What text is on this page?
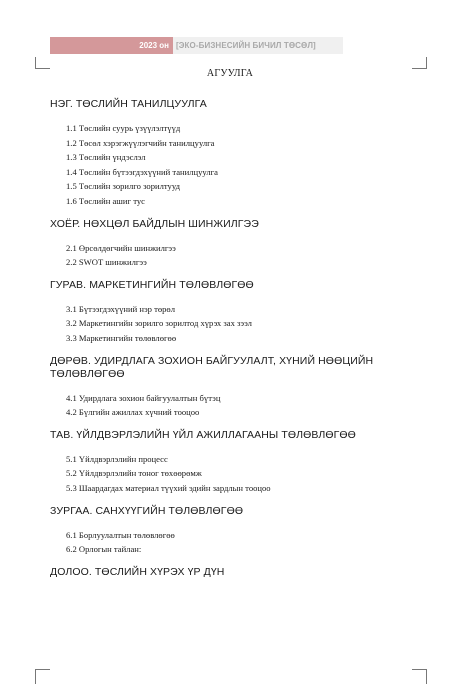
2023 он [ЭКО-БИЗНЕСИЙН БИЧИЛ ТӨСӨЛ]
АГУУЛГА
НЭГ. ТӨСЛИЙН ТАНИЛЦУУЛГА
1.1 Төслийн суурь үзүүлэлтүүд
1.2 Төсөл хэрэгжүүлэгчийн танилцуулга
1.3 Төслийн үндэслэл
1.4 Төслийн бүтээгдэхүүний танилцуулга
1.5 Төслийн зорилго зорилтууд
1.6 Төслийн ашиг тус
ХОЁР. НӨХЦӨЛ БАЙДЛЫН ШИНЖИЛГЭЭ
2.1 Өрсөлдөгчийн шинжилгээ
2.2 SWOT шинжилгээ
ГУРАВ. МАРКЕТИНГИЙН ТӨЛӨВЛӨГӨӨ
3.1 Бүтээгдэхүүний нэр төрөл
3.2 Маркетингийн зорилго зорилтод хүрэх зах зээл
3.3 Маркетингийн төлөвлөгөө
ДӨРӨВ. УДИРДЛАГА ЗОХИОН БАЙГУУЛАЛТ, ХҮНИЙ НӨӨЦИЙН ТӨЛӨВЛӨГӨӨ
4.1 Удирдлага зохион байгуулалтын бүтэц
4.2 Бүлгийн ажиллах хүчний тооцоо
ТАВ. ҮЙЛДВЭРЛЭЛИЙН ҮЙЛ АЖИЛЛАГААНЫ ТӨЛӨВЛӨГӨӨ
5.1 Үйлдвэрлэлийн процесс
5.2 Үйлдвэрлэлийн тоног төхөөрөмж
5.3 Шаардагдах материал түүхий эдийн зардлын тооцоо
ЗУРГАА. САНХҮҮГИЙН ТӨЛӨВЛӨГӨӨ
6.1 Борлуулалтын төлөвлөгөө
6.2 Орлогын тайлан:
ДОЛОО. ТӨСЛИЙН ХҮРЭХ ҮР ДҮН
